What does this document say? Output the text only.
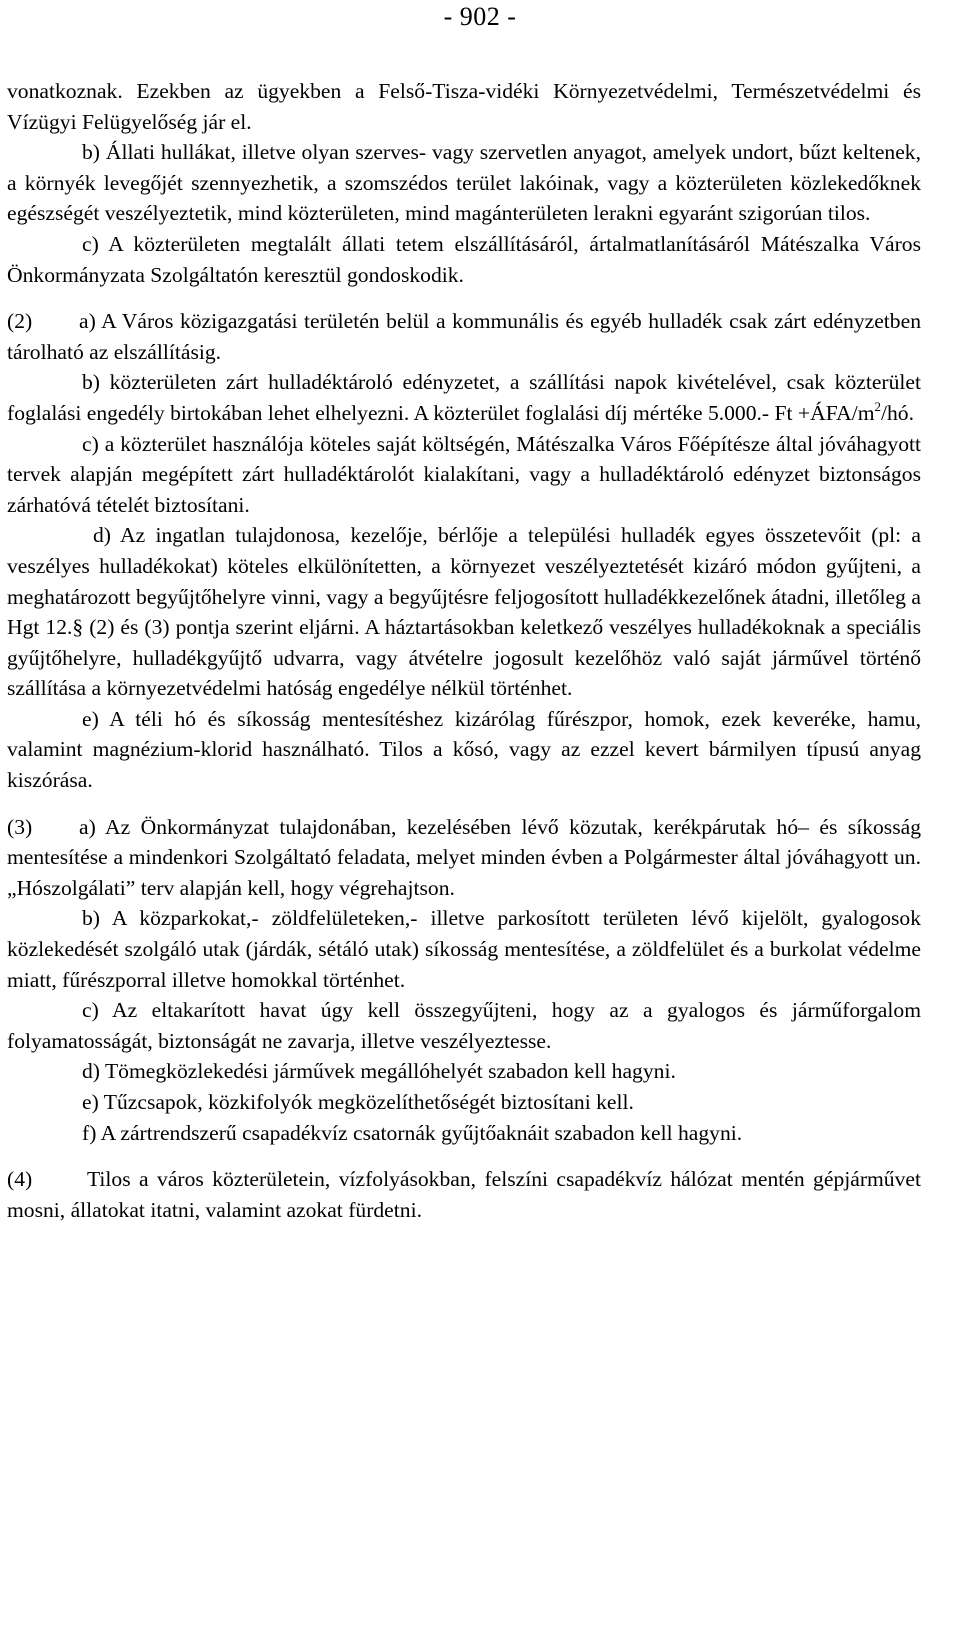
- 902 -

vonatkoznak. Ezekben az ügyekben a Felső-Tisza-vidéki Környezetvédelmi, Természetvédelmi és Vízügyi Felügyelőség jár el.

b) Állati hullákat, illetve olyan szerves- vagy szervetlen anyagot, amelyek undort, bűzt keltenek, a környék levegőjét szennyezhetik, a szomszédos terület lakóinak, vagy a közterületen közlekedőknek egészségét veszélyeztetik, mind közterületen, mind magánterületen lerakni egyaránt szigorúan tilos.

c) A közterületen megtalált állati tetem elszállításáról, ártalmatlanításáról Mátészalka Város Önkormányzata Szolgáltatón keresztül gondoskodik.

(2) a) A Város közigazgatási területén belül a kommunális és egyéb hulladék csak zárt edényzetben tárolható az elszállításig.

b) közterületen zárt hulladéktároló edényzetet, a szállítási napok kivételével, csak közterület foglalási engedély birtokában lehet elhelyezni. A közterület foglalási díj mértéke 5.000.- $Ft +ÁFA/m^2/hó$.

c) a közterület használója köteles saját költségén, Mátészalka Város Főépítésze által jóváhagyott tervek alapján megépített zárt hulladéktárolót kialakítani, vagy a hulladéktároló edényzet biztonságos zárhatóvá tételét biztosítani.

d) Az ingatlan tulajdonosa, kezelője, bérlője a települési hulladék egyes összetevőit (pl: a veszélyes hulladékokat) köteles elkülönítetten, a környezet veszélyeztetését kizáró módon gyűjteni, a meghatározott begyűjtőhelyre vinni, vagy a begyűjtésre feljogosított hulladékkezelőnek átadni, illetőleg a Hgt 12.§ (2) és (3) pontja szerint eljárni. A háztartásokban keletkező veszélyes hulladékoknak a speciális gyűjtőhelyre, hulladékgyűjtő udvarra, vagy átvételre jogosult kezelőhöz való saját járművel történő szállítása a környezetvédelmi hatóság engedélye nélkül történhet.

e) A téli hó és síkosság mentesítéshez kizárólag fűrészpor, homok, ezek keveréke, hamu, valamint magnézium-klorid használható. Tilos a kősó, vagy az ezzel kevert bármilyen típusú anyag kiszórása.

(3) a) Az Önkormányzat tulajdonában, kezelésében lévő közutak, kerékpárutak hó– és síkosság mentesítése a mindenkori Szolgáltató feladata, melyet minden évben a Polgármester által jóváhagyott un. „Hószolgálati” terv alapján kell, hogy végrehajtson.

b) A közparkokat,- zöldfelületeken,- illetve parkosított területen lévő kijelölt, gyalogosok közlekedését szolgáló utak (járdák, sétáló utak) síkosság mentesítése, a zöldfelület és a burkolat védelme miatt, fűrészporral illetve homokkal történhet.

c) Az eltakarított havat úgy kell összegyűjteni, hogy az a gyalogos és járműforgalom folyamatosságát, biztonságát ne zavarja, illetve veszélyeztesse.

d) Tömegközlekedési járművek megállóhelyét szabadon kell hagyni.

e) Tűzcsapok, közkifolyók megközelíthetőségét biztosítani kell.

f) A zártrendszerű csapadékvíz csatornák gyűjtőaknáit szabadon kell hagyni.

(4)	Tilos a város közterületein, vízfolyásokban, felszíni csapadékvíz hálózat mentén gépjárművet mosni, állatokat itatni, valamint azokat fürdetni.
